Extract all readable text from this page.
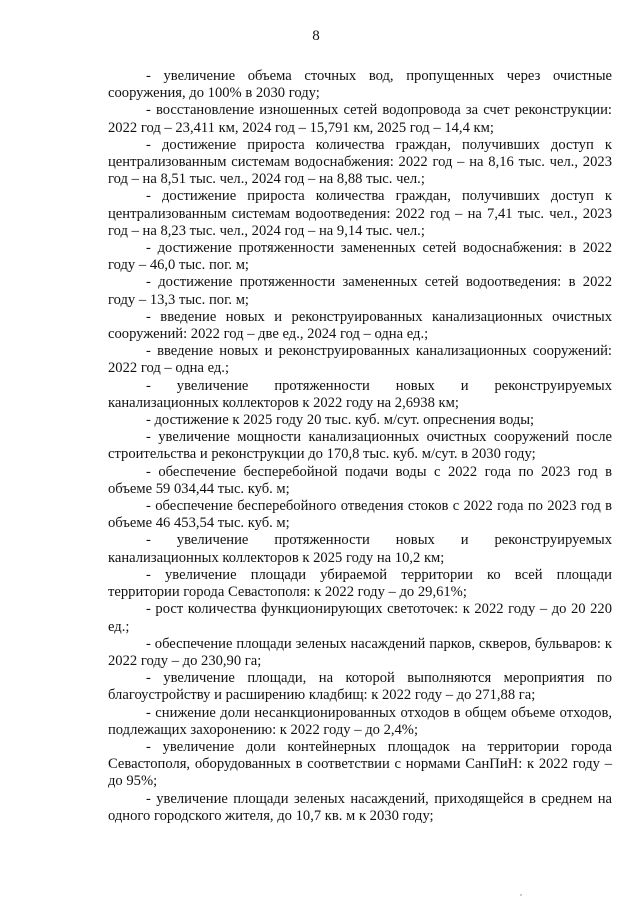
8

- увеличение объема сточных вод, пропущенных через очистные сооружения, до 100% в 2030 году;

- восстановление изношенных сетей водопровода за счет реконструкции: 2022 год – 23,411 км, 2024 год – 15,791 км, 2025 год – 14,4 км;

- достижение прироста количества граждан, получивших доступ к централизованным системам водоснабжения: 2022 год – на 8,16 тыс. чел., 2023 год – на 8,51 тыс. чел., 2024 год – на 8,88 тыс. чел.;

- достижение прироста количества граждан, получивших доступ к централизованным системам водоотведения: 2022 год – на 7,41 тыс. чел., 2023 год – на 8,23 тыс. чел., 2024 год – на 9,14 тыс. чел.;

- достижение протяженности замененных сетей водоснабжения: в 2022 году – 46,0 тыс. пог. м;

- достижение протяженности замененных сетей водоотведения: в 2022 году – 13,3 тыс. пог. м;

- введение новых и реконструированных канализационных очистных сооружений: 2022 год – две ед., 2024 год – одна ед.;

- введение новых и реконструированных канализационных сооружений: 2022 год – одна ед.;

- увеличение протяженности новых и реконструируемых канализационных коллекторов к 2022 году на 2,6938 км;

- достижение к 2025 году 20 тыс. куб. м/сут. опреснения воды;

- увеличение мощности канализационных очистных сооружений после строительства и реконструкции до 170,8 тыс. куб. м/сут. в 2030 году;

- обеспечение бесперебойной подачи воды с 2022 года по 2023 год в объеме 59 034,44 тыс. куб. м;

- обеспечение бесперебойного отведения стоков с 2022 года по 2023 год в объеме 46 453,54 тыс. куб. м;

- увеличение протяженности новых и реконструируемых канализационных коллекторов к 2025 году на 10,2 км;

- увеличение площади убираемой территории ко всей площади территории города Севастополя: к 2022 году – до 29,61%;

- рост количества функционирующих светоточек: к 2022 году – до 20 220 ед.;

- обеспечение площади зеленых насаждений парков, скверов, бульваров: к 2022 году – до 230,90 га;

- увеличение площади, на которой выполняются мероприятия по благоустройству и расширению кладбищ: к 2022 году – до 271,88 га;

- снижение доли несанкционированных отходов в общем объеме отходов, подлежащих захоронению: к 2022 году – до 2,4%;

- увеличение доли контейнерных площадок на территории города Севастополя, оборудованных в соответствии с нормами СанПиН: к 2022 году – до 95%;

- увеличение площади зеленых насаждений, приходящейся в среднем на одного городского жителя, до 10,7 кв. м к 2030 году;
